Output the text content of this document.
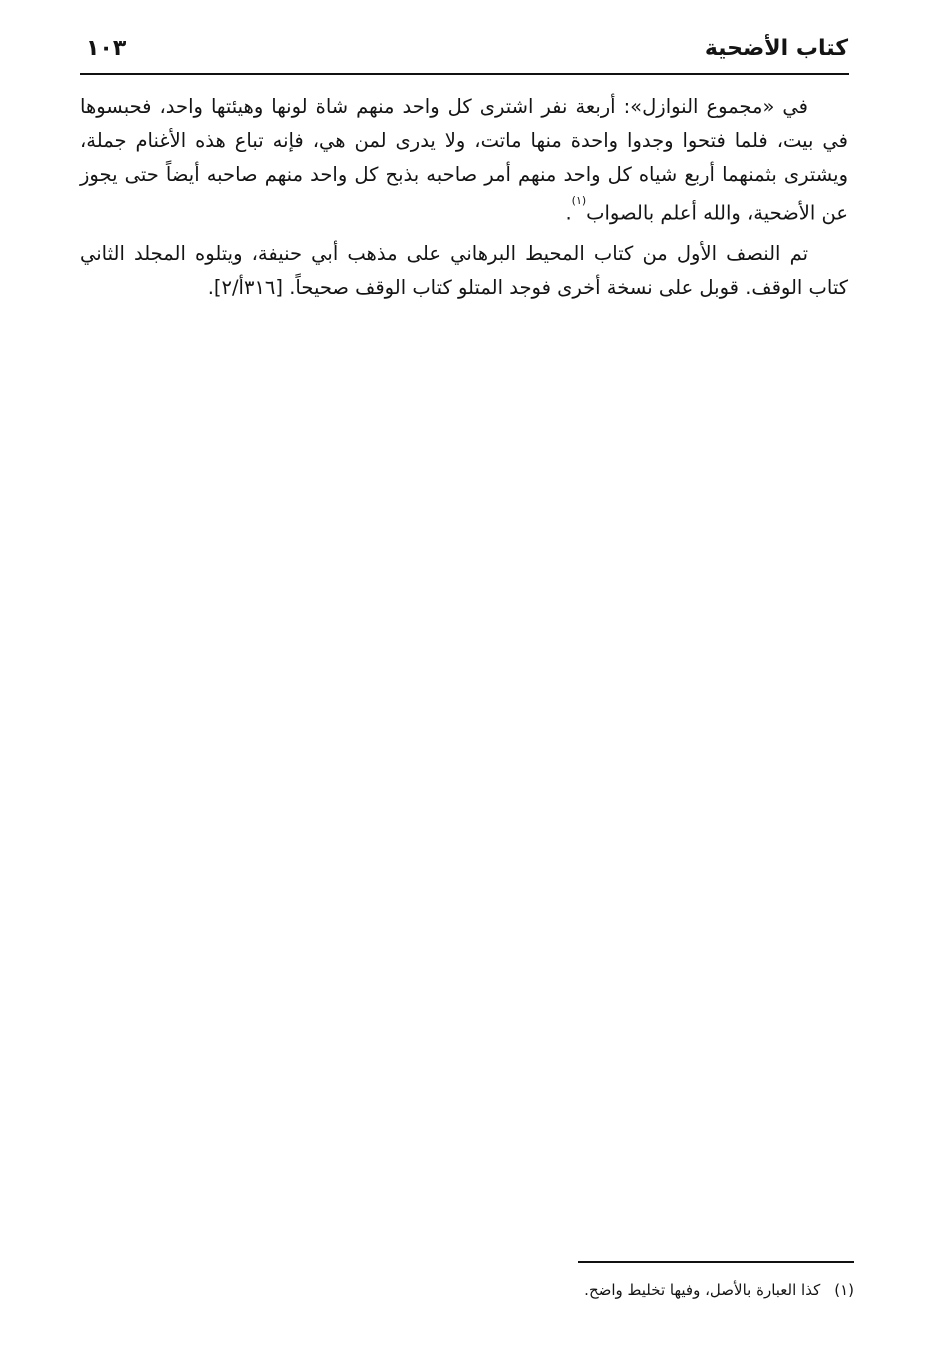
كتاب الأضحية
١٠٣

في «مجموع النوازل»: أربعة نفر اشترى كل واحد منهم شاة لونها وهيئتها واحد، فحبسوها في بيت، فلما فتحوا وجدوا واحدة منها ماتت، ولا يدرى لمن هي، فإنه تباع هذه الأغنام جملة، ويشترى بثمنهما أربع شياه كل واحد منهم أمر صاحبه بذبح كل واحد منهم صاحبه أيضاً حتى يجوز عن الأضحية، والله أعلم بالصواب$^{(١)}$.

تم النصف الأول من كتاب المحيط البرهاني على مذهب أبي حنيفة، ويتلوه المجلد الثاني كتاب الوقف. قوبل على نسخة أخرى فوجد المتلو كتاب الوقف صحيحاً. [٣١٦أ/٢].

(١)كذا العبارة بالأصل، وفيها تخليط واضح.
